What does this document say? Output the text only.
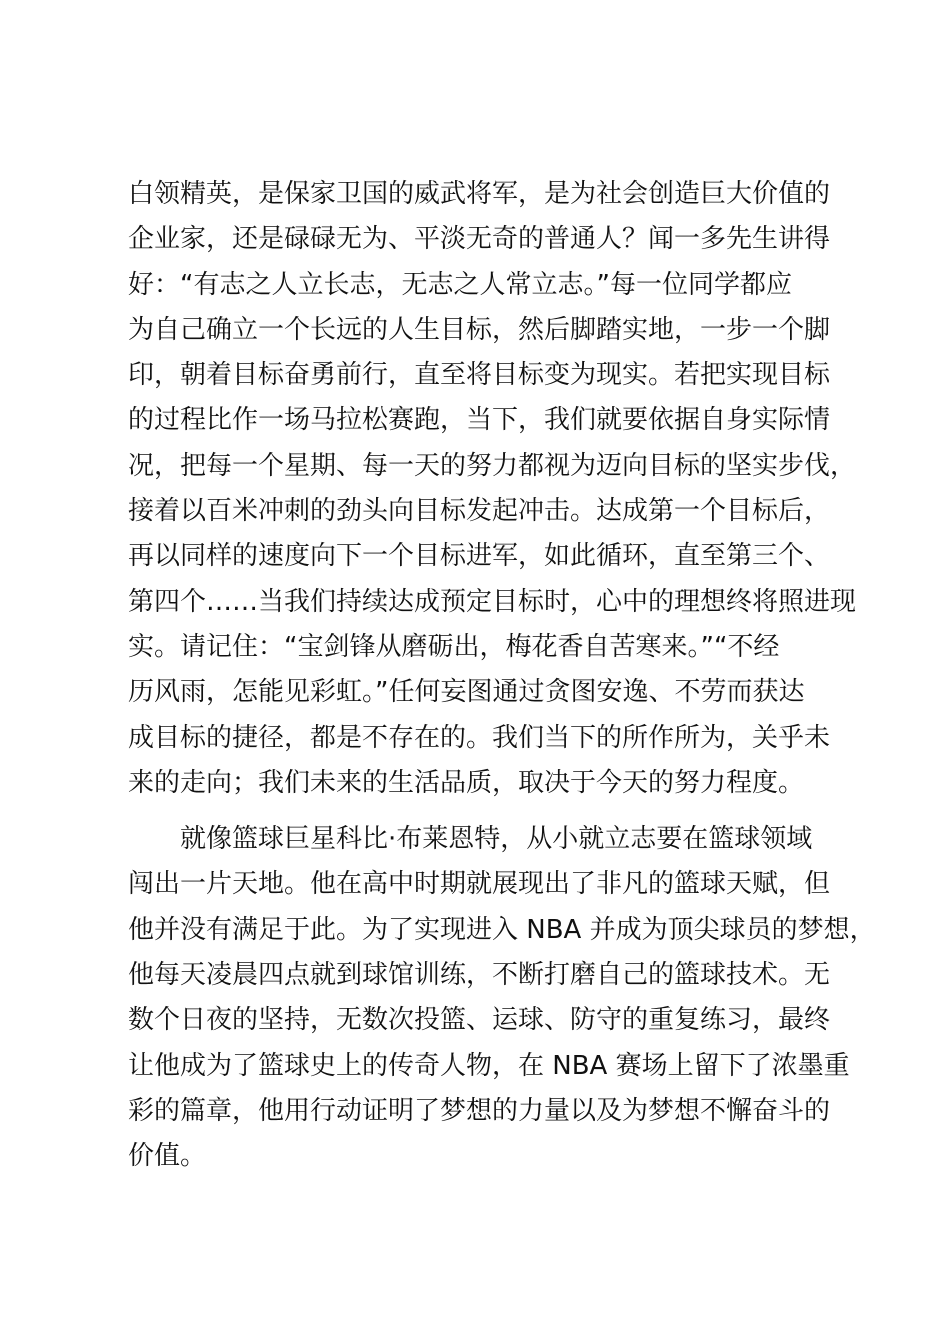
白领精英，是保家卫国的威武将军，是为社会创造巨大价值的
企业家，还是碌碌无为、平淡无奇的普通人？闻一多先生讲得
好：“有志之人立长志，无志之人常立志。”每一位同学都应
为自己确立一个长远的人生目标，然后脚踏实地，一步一个脚
印，朝着目标奋勇前行，直至将目标变为现实。若把实现目标
的过程比作一场马拉松赛跑，当下，我们就要依据自身实际情
况，把每一个星期、每一天的努力都视为迈向目标的坚实步伐，
接着以百米冲刺的劲头向目标发起冲击。达成第一个目标后，
再以同样的速度向下一个目标进军，如此循环，直至第三个、
第四个……当我们持续达成预定目标时，心中的理想终将照进现
实。请记住：“宝剑锋从磨砺出，梅花香自苦寒来。”“不经
历风雨，怎能见彩虹。”任何妄图通过贪图安逸、不劳而获达
成目标的捷径，都是不存在的。我们当下的所作所为，关乎未
来的走向；我们未来的生活品质，取决于今天的努力程度。
就像篮球巨星科比·布莱恩特，从小就立志要在篮球领域
闯出一片天地。他在高中时期就展现出了非凡的篮球天赋，但
他并没有满足于此。为了实现进入 NBA 并成为顶尖球员的梦想，
他每天凌晨四点就到球馆训练，不断打磨自己的篮球技术。无
数个日夜的坚持，无数次投篮、运球、防守的重复练习，最终
让他成为了篮球史上的传奇人物，在 NBA 赛场上留下了浓墨重
彩的篇章，他用行动证明了梦想的力量以及为梦想不懈奋斗的
价值。
